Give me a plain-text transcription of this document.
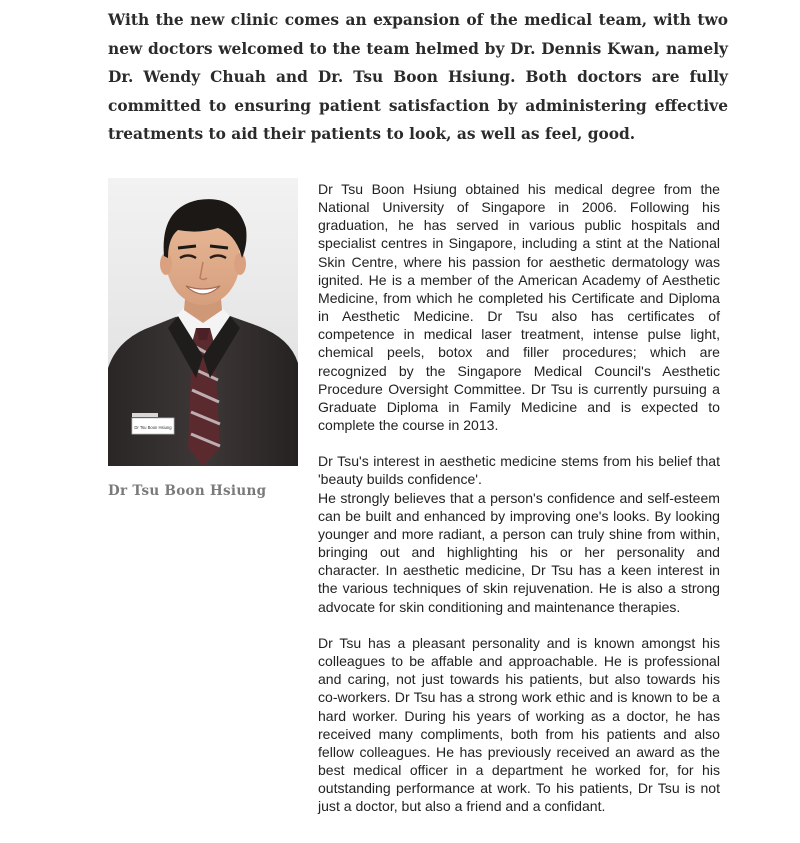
With the new clinic comes an expansion of the medical team, with two new doctors welcomed to the team helmed by Dr. Dennis Kwan, namely Dr. Wendy Chuah and Dr. Tsu Boon Hsiung. Both doctors are fully committed to ensuring patient satisfaction by administering effective treatments to aid their patients to look, as well as feel, good.

Dr Tsu Boon Hsiung

Dr Tsu Boon Hsiung

Dr Tsu Boon Hsiung obtained his medical degree from the National University of Singapore in 2006. Following his graduation, he has served in various public hospitals and specialist centres in Singapore, including a stint at the National Skin Centre, where his passion for aesthetic dermatology was ignited. He is a member of the American Academy of Aesthetic Medicine, from which he completed his Certificate and Diploma in Aesthetic Medicine. Dr Tsu also has certificates of competence in medical laser treatment, intense pulse light, chemical peels, botox and filler procedures; which are recognized by the Singapore Medical Council's Aesthetic Procedure Oversight Committee. Dr Tsu is currently pursuing a Graduate Diploma in Family Medicine and is expected to complete the course in 2013.

Dr Tsu's interest in aesthetic medicine stems from his belief that 'beauty builds confidence'.

He strongly believes that a person's confidence and self-esteem can be built and enhanced by improving one's looks. By looking younger and more radiant, a person can truly shine from within, bringing out and highlighting his or her personality and character. In aesthetic medicine, Dr Tsu has a keen interest in the various techniques of skin rejuvenation. He is also a strong advocate for skin conditioning and maintenance therapies.

Dr Tsu has a pleasant personality and is known amongst his colleagues to be affable and approachable. He is professional and caring, not just towards his patients, but also towards his co-workers. Dr Tsu has a strong work ethic and is known to be a hard worker. During his years of working as a doctor, he has received many compliments, both from his patients and also fellow colleagues. He has previously received an award as the best medical officer in a department he worked for, for his outstanding performance at work. To his patients, Dr Tsu is not just a doctor, but also a friend and a confidant.
